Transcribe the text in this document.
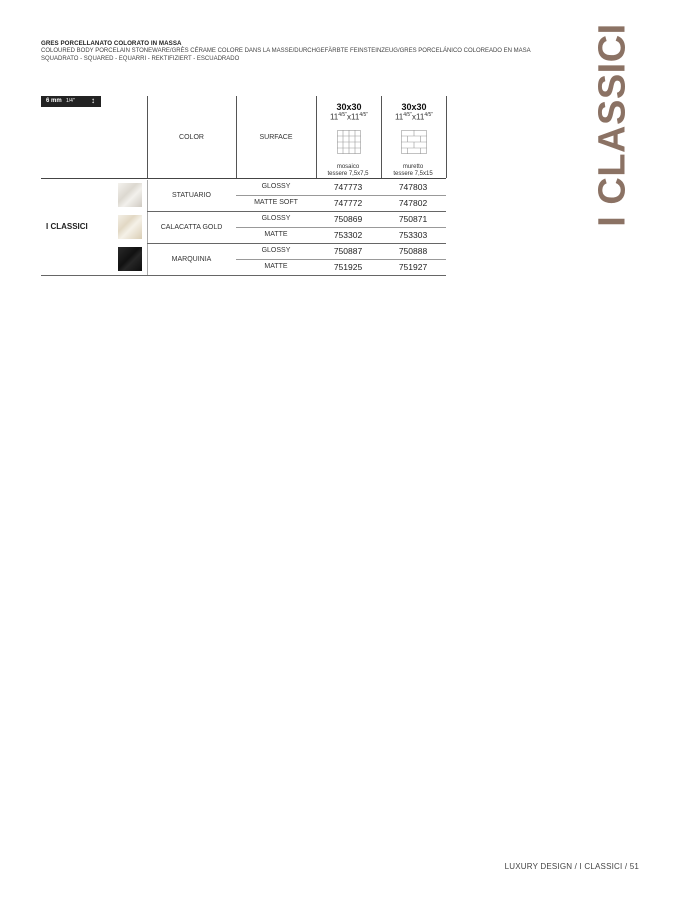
GRES PORCELLANATO COLORATO IN MASSA
COLOURED BODY PORCELAIN STONEWARE/GRÈS CÉRAME COLORE DANS LA MASSE/DURCHGEFÄRBTE FEINSTEINZEUG/GRES PORCELÁNICO COLOREADO EN MASA
SQUADRATO - SQUARED - EQUARRI - REKTIFIZIERT - ESCUADRADO	I CLASSICI
6 mm 1/4" ↕
COLOR	SURFACE
30x30
$11^{4/5"}x11^{4/5"}$
mosaico
tessere 7,5x7,5
30x30
$11^{4/5"}x11^{4/5"}$
muretto
tessere 7,5x15
I CLASSICI
STATUARIO
GLOSSY	747773	747803
MATTE SOFT	747772	747802
CALACATTA GOLD
GLOSSY	750869	750871
MATTE	753302	753303
MARQUINIA
GLOSSY	750887	750888
MATTE	751925	751927
LUXURY DESIGN / I CLASSICI / 51
